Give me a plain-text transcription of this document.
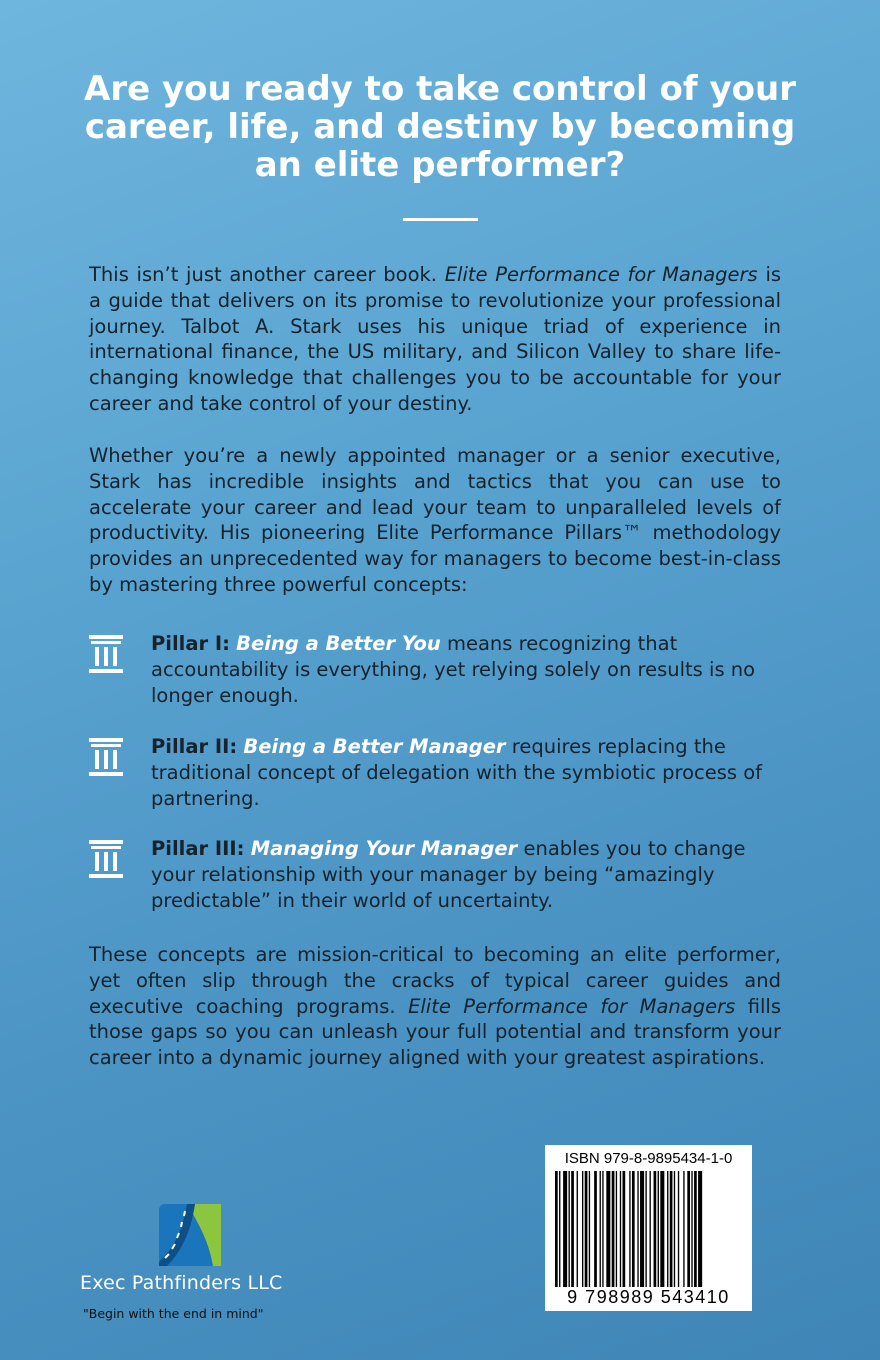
Are you ready to take control of your
career, life, and destiny by becoming
an elite performer?
This isn’t just another career book. Elite Performance for Managers is a guide that delivers on its promise to revolutionize your professional journey. Talbot A. Stark uses his unique triad of experience in international finance, the US military, and Silicon Valley to share life-changing knowledge that challenges you to be accountable for your career and take control of your destiny.
Whether you’re a newly appointed manager or a senior executive, Stark has incredible insights and tactics that you can use to accelerate your career and lead your team to unparalleled levels of productivity. His pioneering Elite Performance Pillars™ methodology provides an unprecedented way for managers to become best-in-class by mastering three powerful concepts:
Pillar I: Being a Better You means recognizing that accountability is everything, yet relying solely on results is no longer enough.
Pillar II: Being a Better Manager requires replacing the traditional concept of delegation with the symbiotic process of partnering.
Pillar III: Managing Your Manager enables you to change your relationship with your manager by being “amazingly predictable” in their world of uncertainty.
These concepts are mission-critical to becoming an elite performer, yet often slip through the cracks of typical career guides and executive coaching programs. Elite Performance for Managers fills those gaps so you can unleash your full potential and transform your career into a dynamic journey aligned with your greatest aspirations.
Exec Pathfinders LLC
"Begin with the end in mind"
ISBN 979-8-9895434-1-0
9 798989 543410
